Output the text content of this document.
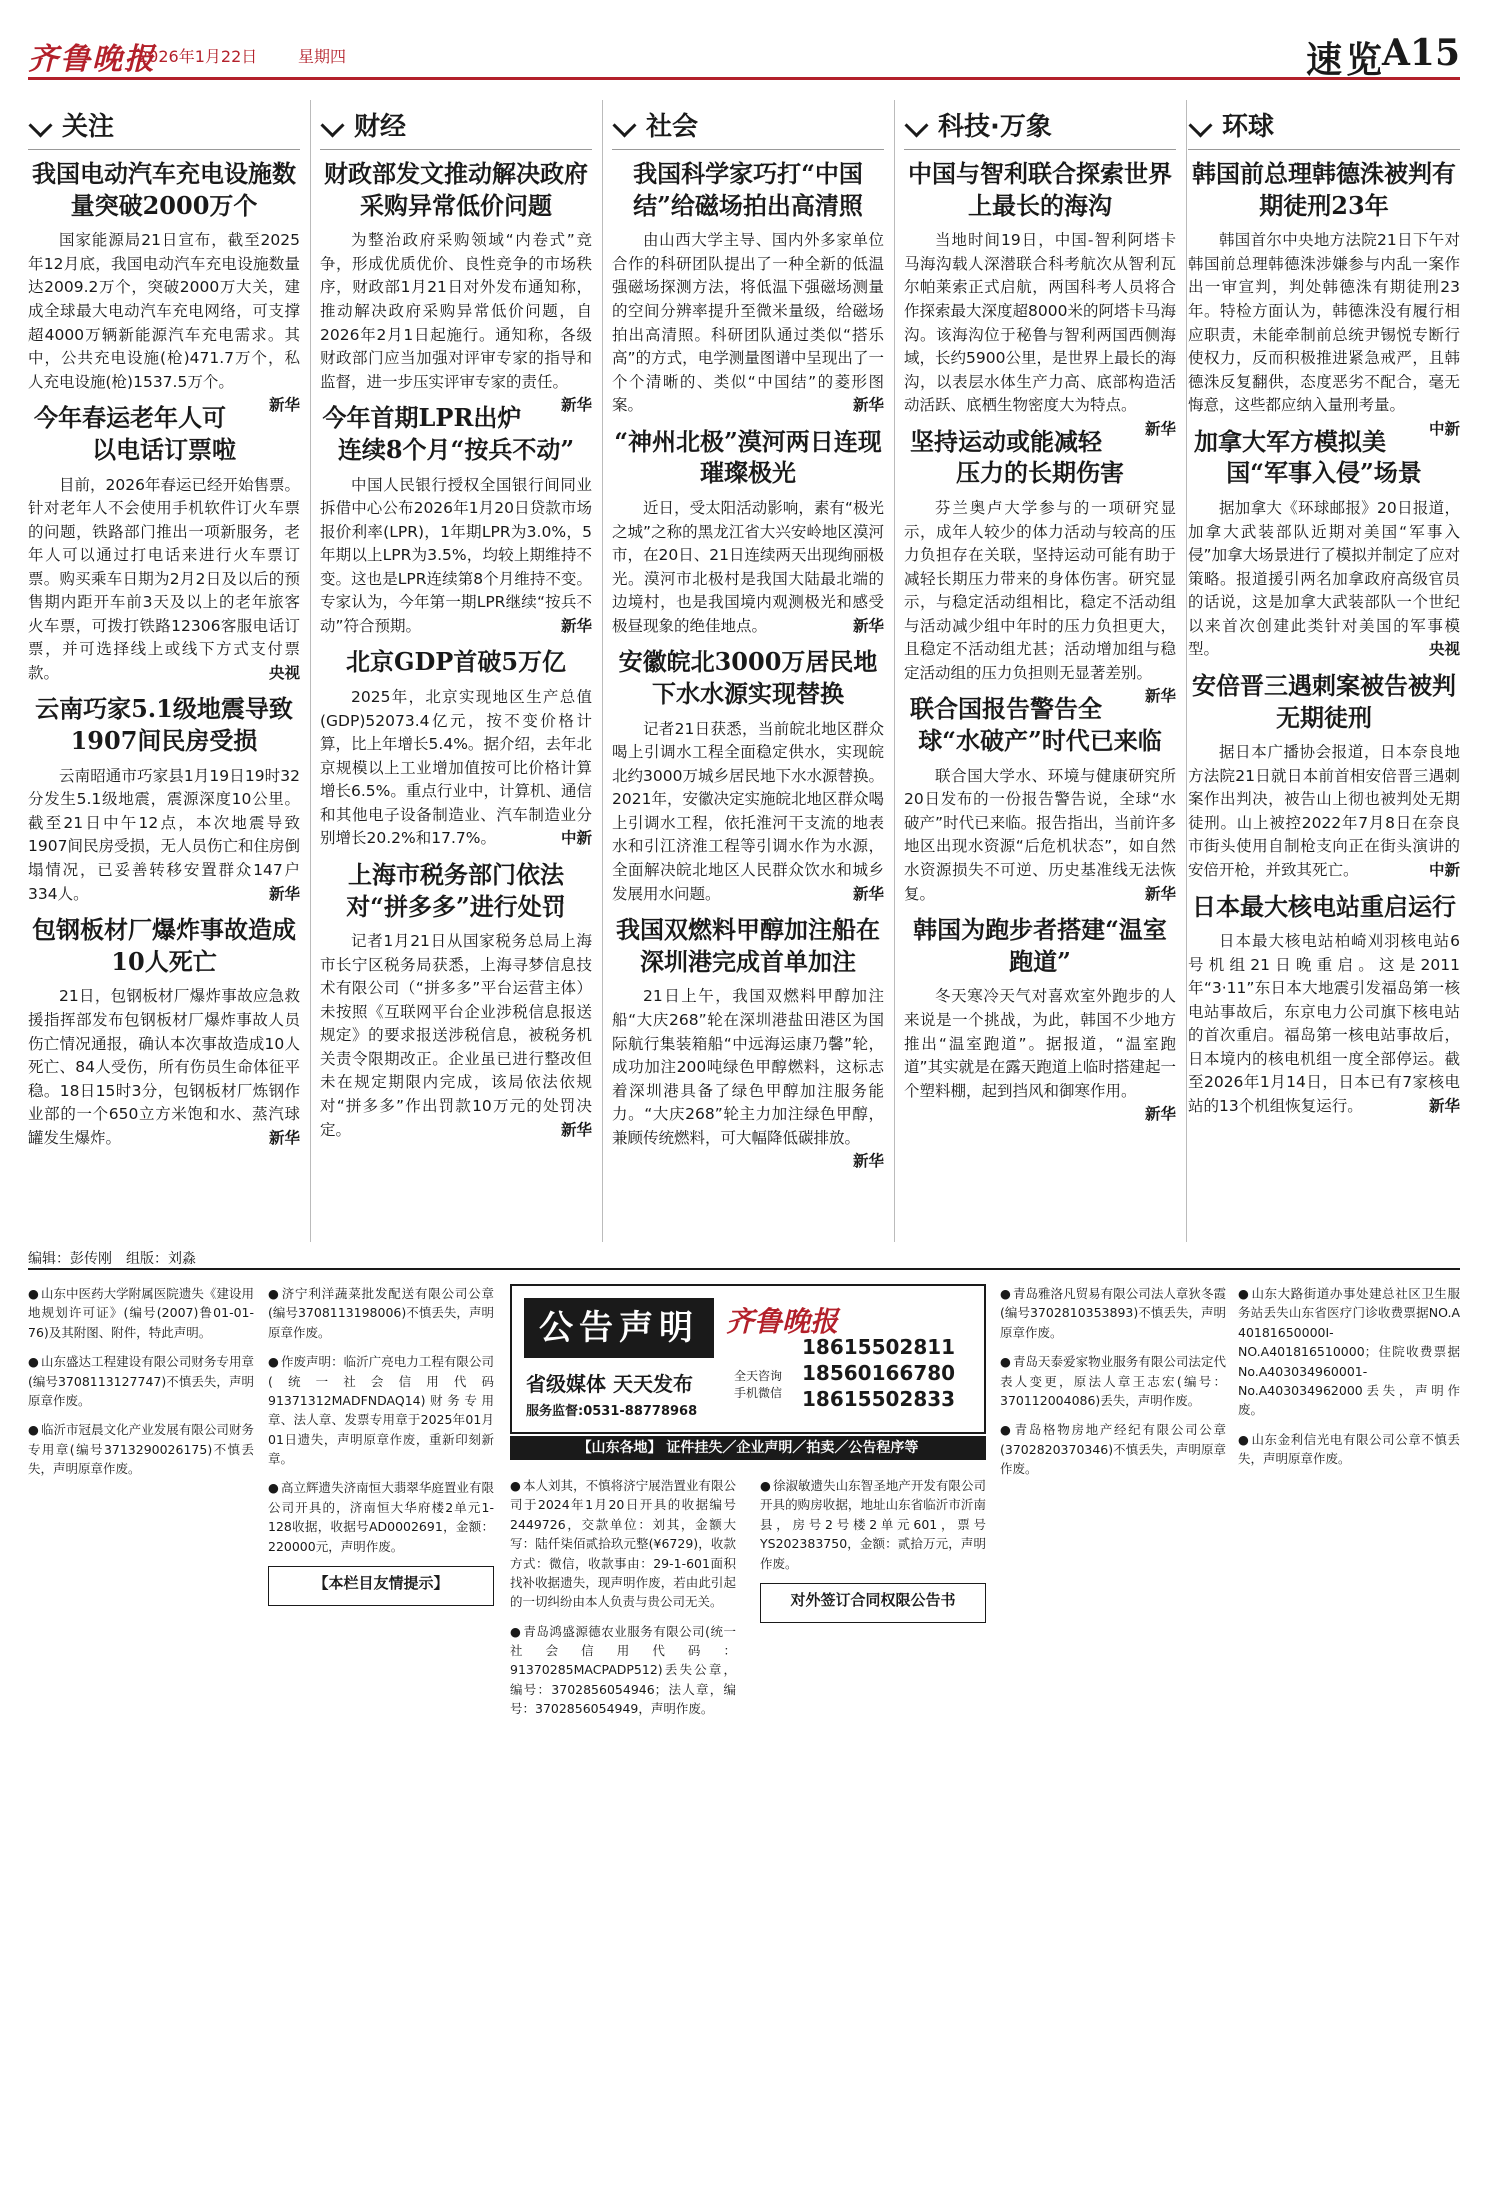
齐鲁晚报
2026年1月22日	星期四	速览
A15
关注
我国电动汽车充电设施数量突破2000万个

国家能源局21日宣布，截至2025年12月底，我国电动汽车充电设施数量达2009.2万个，突破2000万大关，建成全球最大电动汽车充电网络，可支撑超4000万辆新能源汽车充电需求。其中，公共充电设施(枪)471.7万个，私人充电设施(枪)1537.5万个。
新华

今年春运老年人可以电话订票啦

目前，2026年春运已经开始售票。针对老年人不会使用手机软件订火车票的问题，铁路部门推出一项新服务，老年人可以通过打电话来进行火车票订票。购买乘车日期为2月2日及以后的预售期内距开车前3天及以上的老年旅客火车票，可拨打铁路12306客服电话订票，并可选择线上或线下方式支付票款。	央视

云南巧家5.1级地震导致1907间民房受损

云南昭通市巧家县1月19日19时32分发生5.1级地震，震源深度10公里。截至21日中午12点，本次地震导致1907间民房受损，无人员伤亡和住房倒塌情况，已妥善转移安置群众147户334人。	新华

包钢板材厂爆炸事故造成10人死亡

21日，包钢板材厂爆炸事故应急救援指挥部发布包钢板材厂爆炸事故人员伤亡情况通报，确认本次事故造成10人死亡、84人受伤，所有伤员生命体征平稳。18日15时3分，包钢板材厂炼钢作业部的一个650立方米饱和水、蒸汽球罐发生爆炸。	新华

财经
财政部发文推动解决政府采购异常低价问题

为整治政府采购领域“内卷式”竞争，形成优质优价、良性竞争的市场秩序，财政部1月21日对外发布通知称，推动解决政府采购异常低价问题，自2026年2月1日起施行。通知称，各级财政部门应当加强对评审专家的指导和监督，进一步压实评审专家的责任。
新华

今年首期LPR出炉连续8个月“按兵不动”

中国人民银行授权全国银行间同业拆借中心公布2026年1月20日贷款市场报价利率(LPR)，1年期LPR为3.0%，5年期以上LPR为3.5%，均较上期维持不变。这也是LPR连续第8个月维持不变。专家认为，今年第一期LPR继续“按兵不动”符合预期。	新华

北京GDP首破5万亿

2025年，北京实现地区生产总值(GDP)52073.4亿元，按不变价格计算，比上年增长5.4%。据介绍，去年北京规模以上工业增加值按可比价格计算增长6.5%。重点行业中，计算机、通信和其他电子设备制造业、汽车制造业分别增长20.2%和17.7%。	中新

上海市税务部门依法对“拼多多”进行处罚

记者1月21日从国家税务总局上海市长宁区税务局获悉，上海寻梦信息技术有限公司（“拼多多”平台运营主体）未按照《互联网平台企业涉税信息报送规定》的要求报送涉税信息，被税务机关责令限期改正。企业虽已进行整改但未在规定期限内完成，该局依法依规对“拼多多”作出罚款10万元的处罚决定。	新华

社会
我国科学家巧打“中国结”给磁场拍出高清照

由山西大学主导、国内外多家单位合作的科研团队提出了一种全新的低温强磁场探测方法，将低温下强磁场测量的空间分辨率提升至微米量级，给磁场拍出高清照。科研团队通过类似“搭乐高”的方式，电学测量图谱中呈现出了一个个清晰的、类似“中国结”的菱形图案。	新华

“神州北极”漠河两日连现璀璨极光

近日，受太阳活动影响，素有“极光之城”之称的黑龙江省大兴安岭地区漠河市，在20日、21日连续两天出现绚丽极光。漠河市北极村是我国大陆最北端的边境村，也是我国境内观测极光和感受极昼现象的绝佳地点。	新华

安徽皖北3000万居民地下水水源实现替换

记者21日获悉，当前皖北地区群众喝上引调水工程全面稳定供水，实现皖北约3000万城乡居民地下水水源替换。2021年，安徽决定实施皖北地区群众喝上引调水工程，依托淮河干支流的地表水和引江济淮工程等引调水作为水源，全面解决皖北地区人民群众饮水和城乡发展用水问题。	新华

我国双燃料甲醇加注船在深圳港完成首单加注

21日上午，我国双燃料甲醇加注船“大庆268”轮在深圳港盐田港区为国际航行集装箱船“中远海运康乃馨”轮，成功加注200吨绿色甲醇燃料，这标志着深圳港具备了绿色甲醇加注服务能力。“大庆268”轮主力加注绿色甲醇，兼顾传统燃料，可大幅降低碳排放。
新华

科技·万象
中国与智利联合探索世界上最长的海沟

当地时间19日，中国-智利阿塔卡马海沟载人深潜联合科考航次从智利瓦尔帕莱索正式启航，两国科考人员将合作探索最大深度超8000米的阿塔卡马海沟。该海沟位于秘鲁与智利两国西侧海域，长约5900公里，是世界上最长的海沟，以表层水体生产力高、底部构造活动活跃、底栖生物密度大为特点。
新华

坚持运动或能减轻压力的长期伤害

芬兰奥卢大学参与的一项研究显示，成年人较少的体力活动与较高的压力负担存在关联，坚持运动可能有助于减轻长期压力带来的身体伤害。研究显示，与稳定活动组相比，稳定不活动组与活动减少组中年时的压力负担更大，且稳定不活动组尤甚；活动增加组与稳定活动组的压力负担则无显著差别。
新华

联合国报告警告全球“水破产”时代已来临

联合国大学水、环境与健康研究所20日发布的一份报告警告说，全球“水破产”时代已来临。报告指出，当前许多地区出现水资源“后危机状态”，如自然水资源损失不可逆、历史基准线无法恢复。	新华

韩国为跑步者搭建“温室跑道”

冬天寒冷天气对喜欢室外跑步的人来说是一个挑战，为此，韩国不少地方推出“温室跑道”。据报道，“温室跑道”其实就是在露天跑道上临时搭建起一个塑料棚，起到挡风和御寒作用。
新华

环球
韩国前总理韩德洙被判有期徒刑23年

韩国首尔中央地方法院21日下午对韩国前总理韩德洙涉嫌参与内乱一案作出一审宣判，判处韩德洙有期徒刑23年。特检方面认为，韩德洙没有履行相应职责，未能牵制前总统尹锡悦专断行使权力，反而积极推进紧急戒严，且韩德洙反复翻供，态度恶劣不配合，毫无悔意，这些都应纳入量刑考量。
中新

加拿大军方模拟美国“军事入侵”场景

据加拿大《环球邮报》20日报道，加拿大武装部队近期对美国“军事入侵”加拿大场景进行了模拟并制定了应对策略。报道援引两名加拿政府高级官员的话说，这是加拿大武装部队一个世纪以来首次创建此类针对美国的军事模型。	央视

安倍晋三遇刺案被告被判无期徒刑

据日本广播协会报道，日本奈良地方法院21日就日本前首相安倍晋三遇刺案作出判决，被告山上彻也被判处无期徒刑。山上被控2022年7月8日在奈良市街头使用自制枪支向正在街头演讲的安倍开枪，并致其死亡。	中新

日本最大核电站重启运行

日本最大核电站柏崎刈羽核电站6号机组21日晚重启。这是2011年“3·11”东日本大地震引发福岛第一核电站事故后，东京电力公司旗下核电站的首次重启。福岛第一核电站事故后，日本境内的核电机组一度全部停运。截至2026年1月14日，日本已有7家核电站的13个机组恢复运行。	新华

编辑：彭传刚　组版：刘淼
● 山东中医药大学附属医院遗失《建设用地规划许可证》(编号(2007)鲁01-01-76)及其附图、附件，特此声明。
● 山东盛达工程建设有限公司财务专用章(编号3708113127747)不慎丢失，声明原章作废。
● 临沂市冠晨文化产业发展有限公司财务专用章(编号3713290026175)不慎丢失，声明原章作废。
● 济宁利洋蔬菜批发配送有限公司公章(编号3708113198006)不慎丢失，声明原章作废。
● 作废声明：临沂广亮电力工程有限公司(统一社会信用代码91371312MADFNDAQ14)财务专用章、法人章、发票专用章于2025年01月01日遗失，声明原章作废，重新印刻新章。
● 高立辉遗失济南恒大翡翠华庭置业有限公司开具的，济南恒大华府楼2单元1-128收据，收据号AD0002691，金额：220000元，声明作废。
【本栏目友情提示】
公告声明 齐鲁晚报
省级媒体 天天发布	全天咨询手机微信
18615502811
18560166780
18615502833
服务监督:0531-88778968
【山东各地】 证件挂失／企业声明／拍卖／公告程序等
● 本人刘其，不慎将济宁展浩置业有限公司于2024年1月20日开具的收据编号2449726，交款单位：刘其，金额大写：陆仟柒佰贰拾玖元整(¥6729)，收款方式：微信，收款事由：29-1-601面积找补收据遗失，现声明作废，若由此引起的一切纠纷由本人负责与贵公司无关。
● 青岛鸿盛源德农业服务有限公司(统一社会信用代码：91370285MACPADP512)丢失公章，编号：3702856054946；法人章，编号：3702856054949，声明作废。
● 徐淑敏遗失山东智圣地产开发有限公司开具的购房收据，地址山东省临沂市沂南县，房号2号楼2单元601，票号YS202383750，金额：贰拾万元，声明作废。
对外签订合同权限公告书
● 青岛雅洛凡贸易有限公司法人章狄冬霞(编号3702810353893)不慎丢失，声明原章作废。
● 青岛天泰爱家物业服务有限公司法定代表人变更，原法人章王志宏(编号：370112004086)丢失，声明作废。
● 青岛格物房地产经纪有限公司公章(3702820370346)不慎丢失，声明原章作废。
● 山东大路街道办事处建总社区卫生服务站丢失山东省医疗门诊收费票据NO.A 40181650000I-NO.A401816510000；住院收费票据No.A403034960001-No.A403034962000丢失，声明作废。
● 山东金利信光电有限公司公章不慎丢失，声明原章作废。
